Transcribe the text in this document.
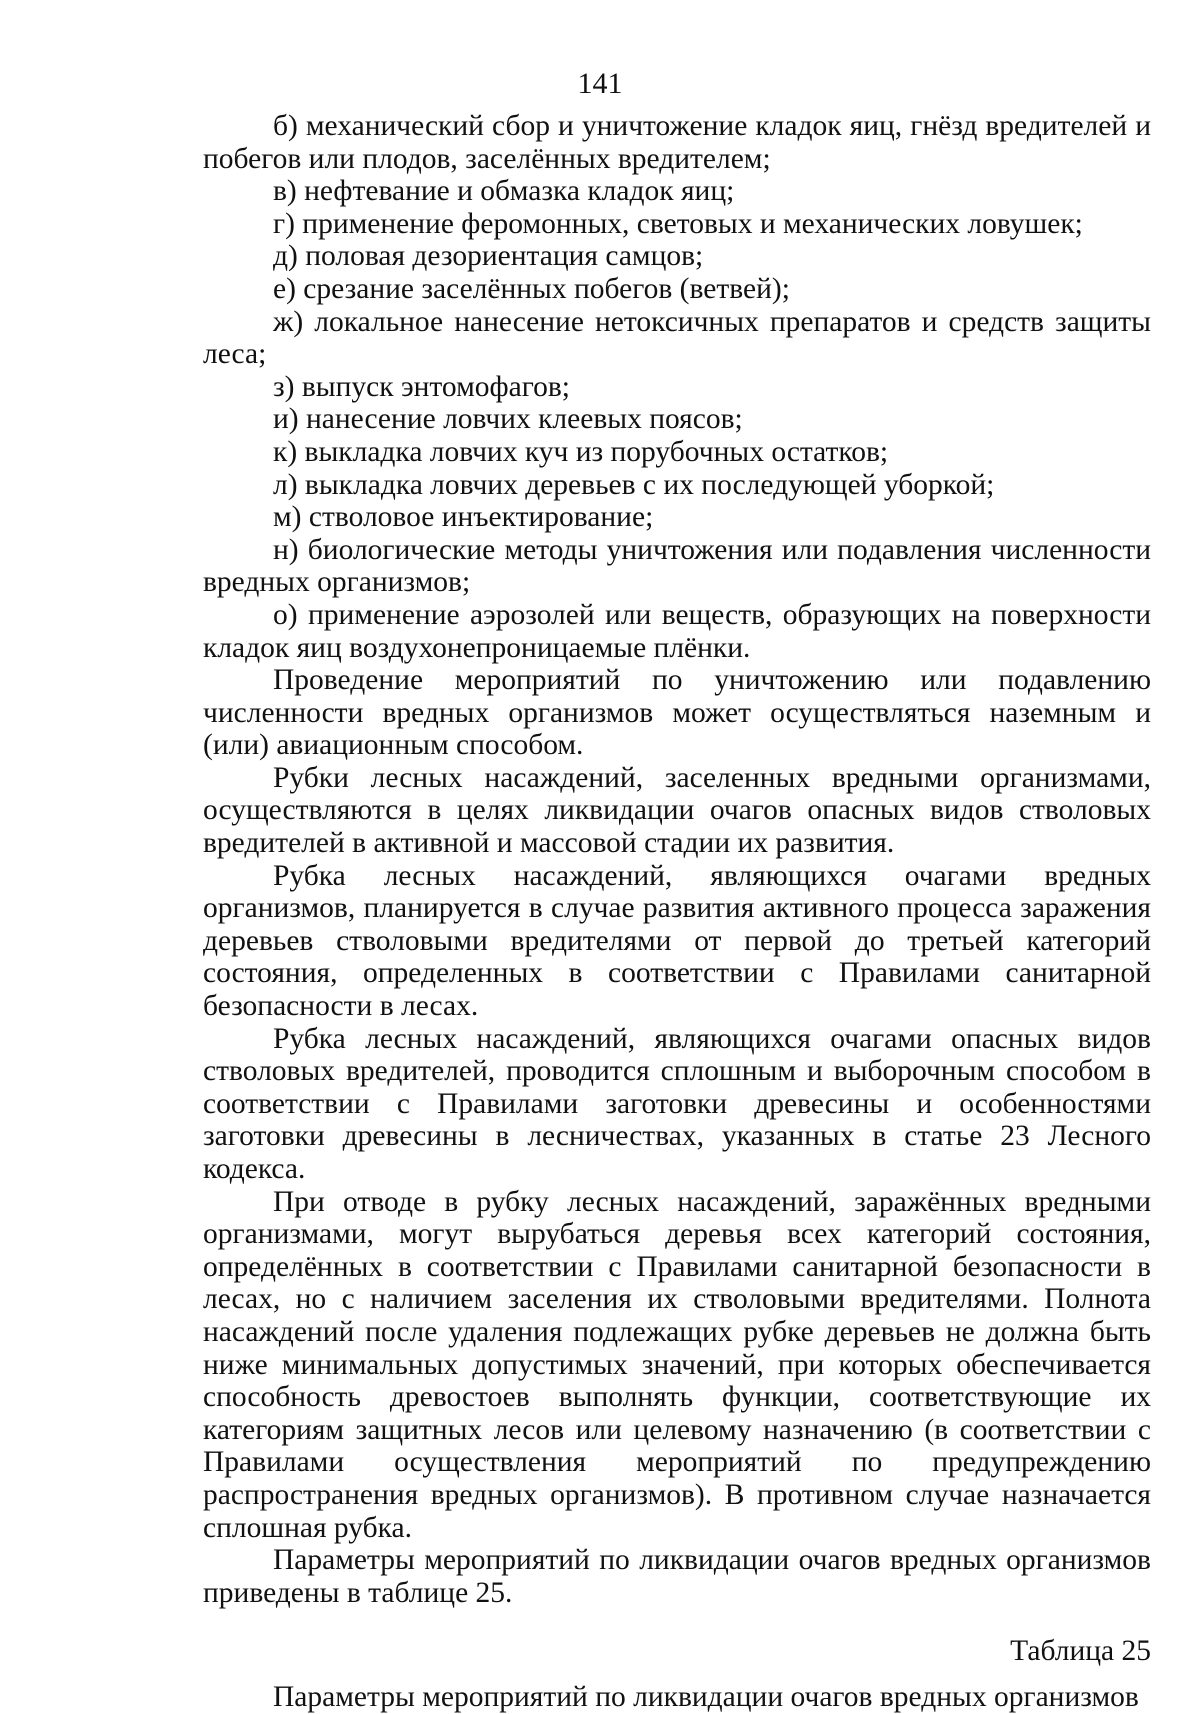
141

б) механический сбор и уничтожение кладок яиц, гнёзд вредителей и побегов или плодов, заселённых вредителем;

в) нефтевание и обмазка кладок яиц;

г) применение феромонных, световых и механических ловушек;

д) половая дезориентация самцов;

е) срезание заселённых побегов (ветвей);

ж) локальное нанесение нетоксичных препаратов и средств защиты леса;

з) выпуск энтомофагов;

и) нанесение ловчих клеевых поясов;

к) выкладка ловчих куч из порубочных остатков;

л) выкладка ловчих деревьев с их последующей уборкой;

м) стволовое инъектирование;

н) биологические методы уничтожения или подавления численности вредных организмов;

о) применение аэрозолей или веществ, образующих на поверхности кладок яиц воздухонепроницаемые плёнки.

Проведение мероприятий по уничтожению или подавлению численности вредных организмов может осуществляться наземным и (или) авиационным способом.

Рубки лесных насаждений, заселенных вредными организмами, осуществляются в целях ликвидации очагов опасных видов стволовых вредителей в активной и массовой стадии их развития.

Рубка лесных насаждений, являющихся очагами вредных организмов, планируется в случае развития активного процесса заражения деревьев стволовыми вредителями от первой до третьей категорий состояния, определенных в соответствии с Правилами санитарной безопасности в лесах.

Рубка лесных насаждений, являющихся очагами опасных видов стволовых вредителей, проводится сплошным и выборочным способом в соответствии с Правилами заготовки древесины и особенностями заготовки древесины в лесничествах, указанных в статье 23 Лесного кодекса.

При отводе в рубку лесных насаждений, заражённых вредными организмами, могут вырубаться деревья всех категорий состояния, определённых в соответствии с Правилами санитарной безопасности в лесах, но с наличием заселения их стволовыми вредителями. Полнота насаждений после удаления подлежащих рубке деревьев не должна быть ниже минимальных допустимых значений, при которых обеспечивается способность древостоев выполнять функции, соответствующие их категориям защитных лесов или целевому назначению (в соответствии с Правилами осуществления мероприятий по предупреждению распространения вредных организмов). В противном случае назначается сплошная рубка.

Параметры мероприятий по ликвидации очагов вредных организмов приведены в таблице 25.

Таблица 25

Параметры мероприятий по ликвидации очагов вредных организмов
